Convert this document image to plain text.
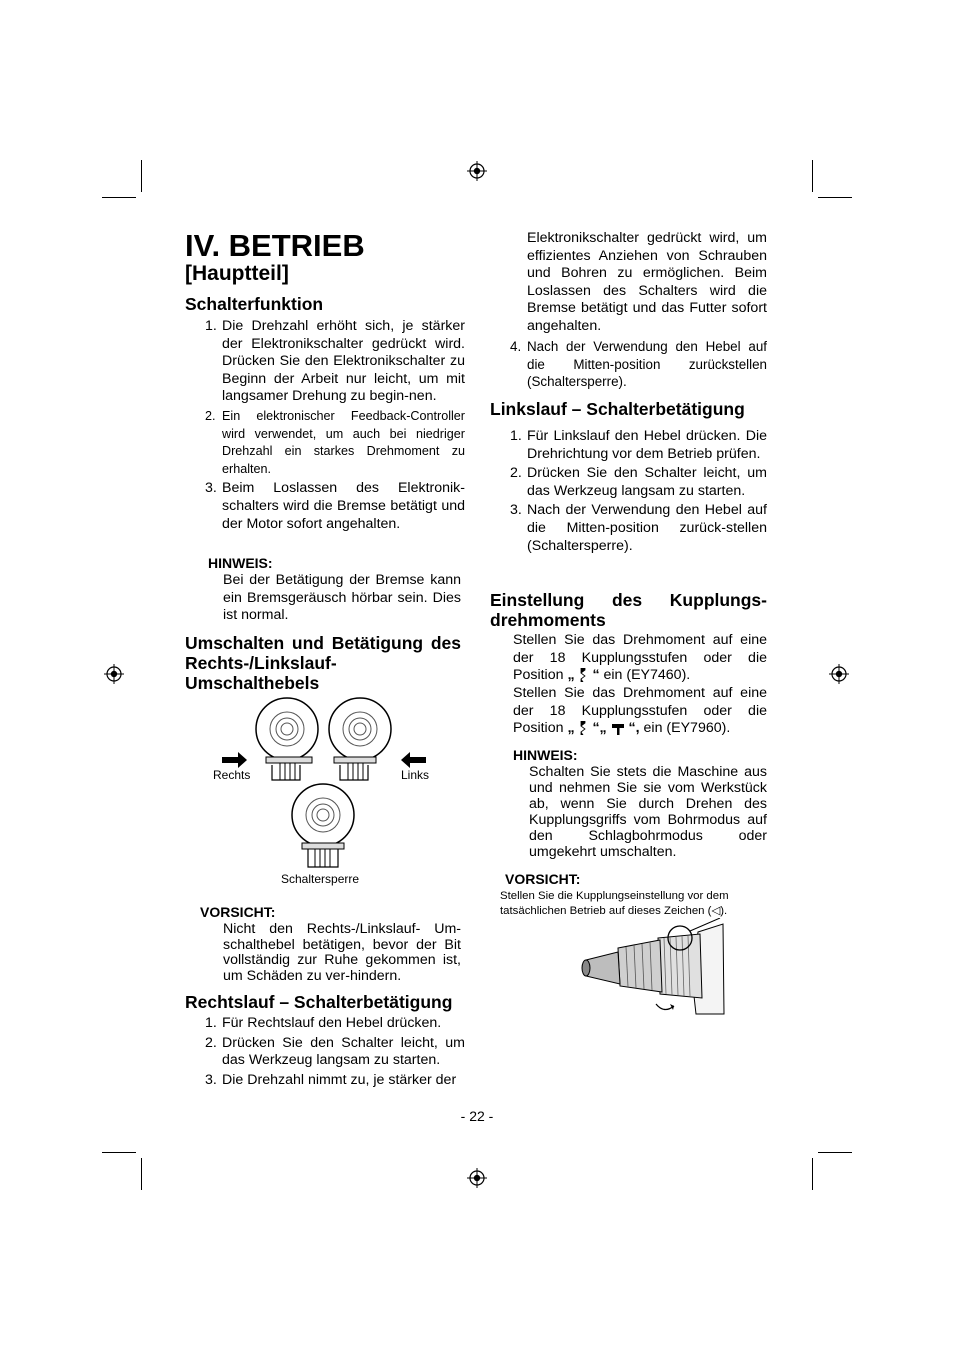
IV. BETRIEB
[Hauptteil]
Schalterfunktion
1. Die Drehzahl erhöht sich, je stärker der Elektronikschalter gedrückt wird. Drücken Sie den Elektronikschalter zu Beginn der Arbeit nur leicht, um mit langsamer Drehung zu begin-nen.
2. Ein elektronischer Feedback-Controller wird verwendet, um auch bei niedriger Drehzahl ein starkes Drehmoment zu erhalten.
3. Beim Loslassen des Elektronik-schalters wird die Bremse betätigt und der Motor sofort angehalten.
HINWEIS:
Bei der Betätigung der Bremse kann ein Bremsgeräusch hörbar sein. Dies ist normal.
Umschalten und Betätigung des Rechts-/Linkslauf-Umschalthebels
Rechts	Links
Schaltersperre
VORSICHT:
Nicht den Rechts-/Linkslauf- Um-schalthebel betätigen, bevor der Bit vollständig zur Ruhe gekommen ist, um Schäden zu ver-hindern.
Rechtslauf – Schalterbetätigung
1. Für Rechtslauf den Hebel drücken.
2. Drücken Sie den Schalter leicht, um das Werkzeug langsam zu starten.
3. Die Drehzahl nimmt zu, je stärker der
Elektronikschalter gedrückt wird, um effizientes Anziehen von Schrauben und Bohren zu ermöglichen. Beim Loslassen des Schalters wird die Bremse betätigt und das Futter sofort angehalten.
4. Nach der Verwendung den Hebel auf die Mitten-position zurückstellen (Schaltersperre).
Linkslauf – Schalterbetätigung
1. Für Linkslauf den Hebel drücken. Die Drehrichtung vor dem Betrieb prüfen.
2. Drücken Sie den Schalter leicht, um das Werkzeug langsam zu starten.
3. Nach der Verwendung den Hebel auf die Mitten-position zurück-stellen (Schaltersperre).
Einstellung des Kupplungs-
drehmoments
Stellen Sie das Drehmoment auf eine der 18 Kupplungsstufen oder die Position „ “ ein (EY7460).
Stellen Sie das Drehmoment auf eine der 18 Kupplungsstufen oder die Position „ “„ “, ein (EY7960).
HINWEIS:
Schalten Sie stets die Maschine aus und nehmen Sie sie vom Werkstück ab, wenn Sie durch Drehen des Kupplungsgriffs vom Bohrmodus auf den Schlagbohrmodus oder umgekehrt umschalten.
VORSICHT:
Stellen Sie die Kupplungseinstellung vor dem tatsächlichen Betrieb auf dieses Zeichen (◁).
- 22 -
